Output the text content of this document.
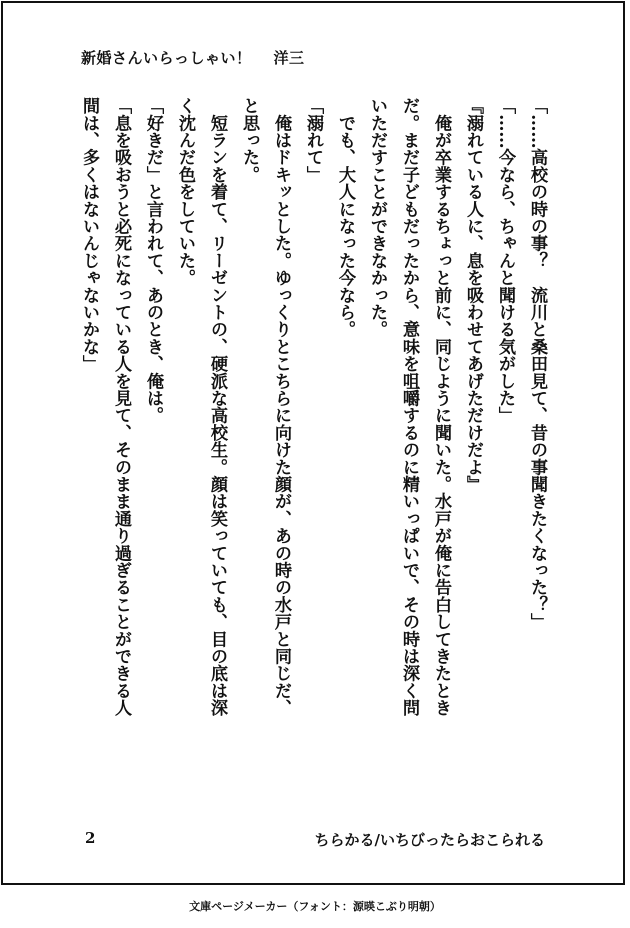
新婚さんいらっしゃい！ 洋三
「……高校の時の事？　流川と桑田見て、昔の事聞きたくなった？」
「……今なら、ちゃんと聞ける気がした」
『溺れている人に、息を吸わせてあげただけだよ』
　俺が卒業するちょっと前に、同じように聞いた。水戸が俺に告白してきたとき
だ。まだ子どもだったから、意味を咀嚼するのに精いっぱいで、その時は深く問
いただすことができなかった。
　でも、大人になった今なら。
「溺れて」
　俺はドキッとした。ゆっくりとこちらに向けた顔が、あの時の水戸と同じだ、
と思った。
　短ランを着て、リーゼントの、硬派な高校生。顔は笑っていても、目の底は深
く沈んだ色をしていた。
「好きだ」と言われて、あのとき、俺は。
「息を吸おうと必死になっている人を見て、そのまま通り過ぎることができる人
間は、多くはないんじゃないかな」
2	ちらかる/いちびったらおこられる
文庫ページメーカー（フォント：源暎こぶり明朝）
